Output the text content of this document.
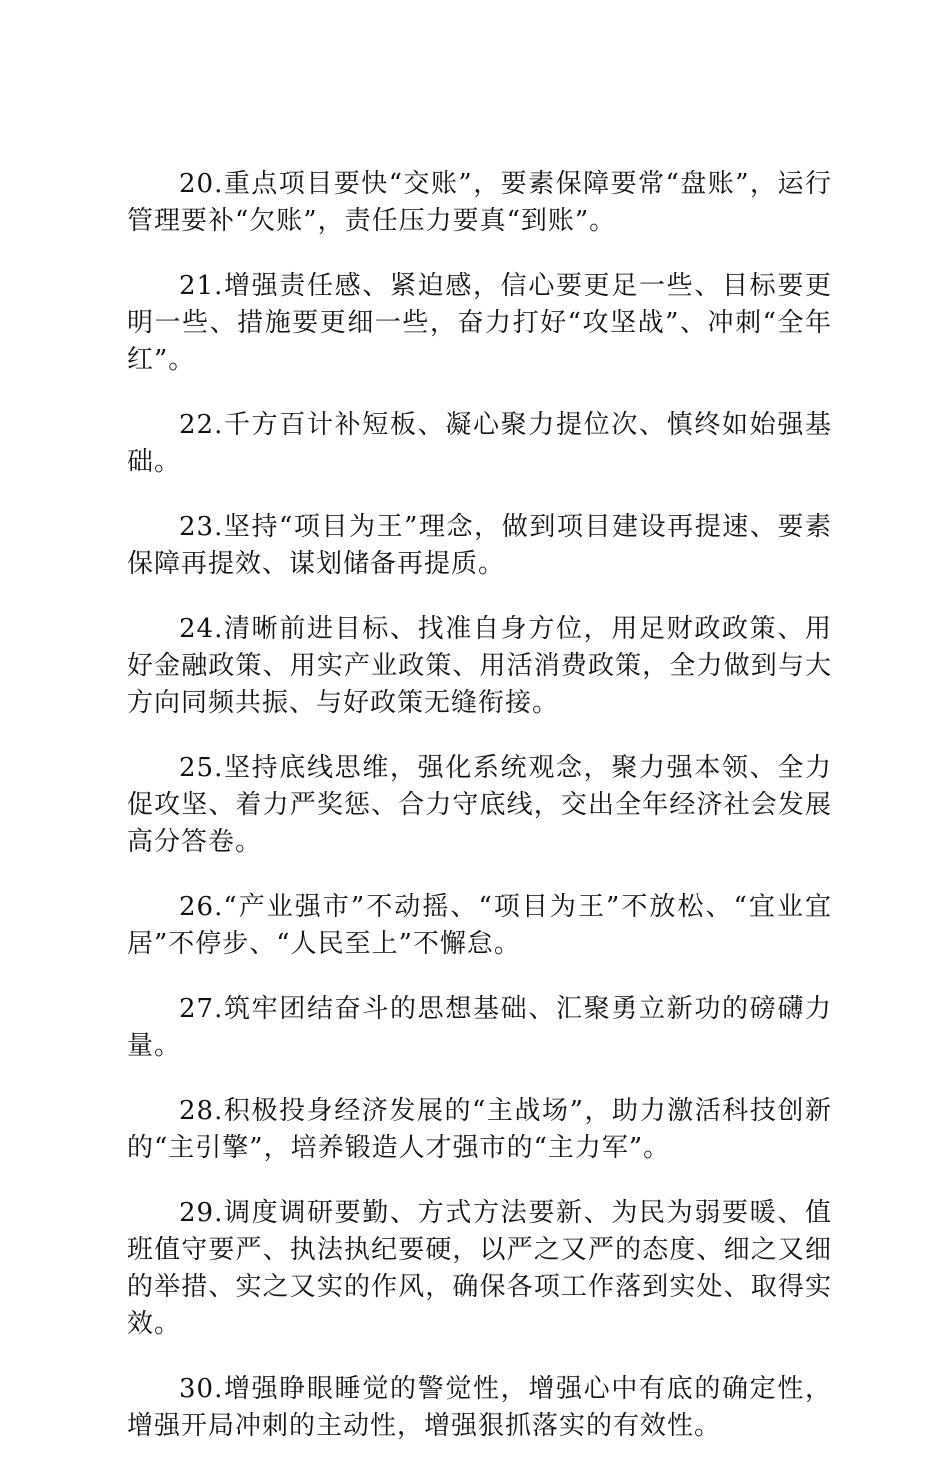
20.重点项目要快“交账”，要素保障要常“盘账”，运行管理要补“欠账”，责任压力要真“到账”。

21.增强责任感、紧迫感，信心要更足一些、目标要更明一些、措施要更细一些，奋力打好“攻坚战”、冲刺“全年红”。

22.千方百计补短板、凝心聚力提位次、慎终如始强基础。

23.坚持“项目为王”理念，做到项目建设再提速、要素保障再提效、谋划储备再提质。

24.清晰前进目标、找准自身方位，用足财政政策、用好金融政策、用实产业政策、用活消费政策，全力做到与大方向同频共振、与好政策无缝衔接。

25.坚持底线思维，强化系统观念，聚力强本领、全力促攻坚、着力严奖惩、合力守底线，交出全年经济社会发展高分答卷。

26.“产业强市”不动摇、“项目为王”不放松、“宜业宜居”不停步、“人民至上”不懈怠。

27.筑牢团结奋斗的思想基础、汇聚勇立新功的磅礴力量。

28.积极投身经济发展的“主战场”，助力激活科技创新的“主引擎”，培养锻造人才强市的“主力军”。

29.调度调研要勤、方式方法要新、为民为弱要暖、值班值守要严、执法执纪要硬，以严之又严的态度、细之又细的举措、实之又实的作风，确保各项工作落到实处、取得实效。

30.增强睁眼睡觉的警觉性，增强心中有底的确定性，增强开局冲刺的主动性，增强狠抓落实的有效性。
